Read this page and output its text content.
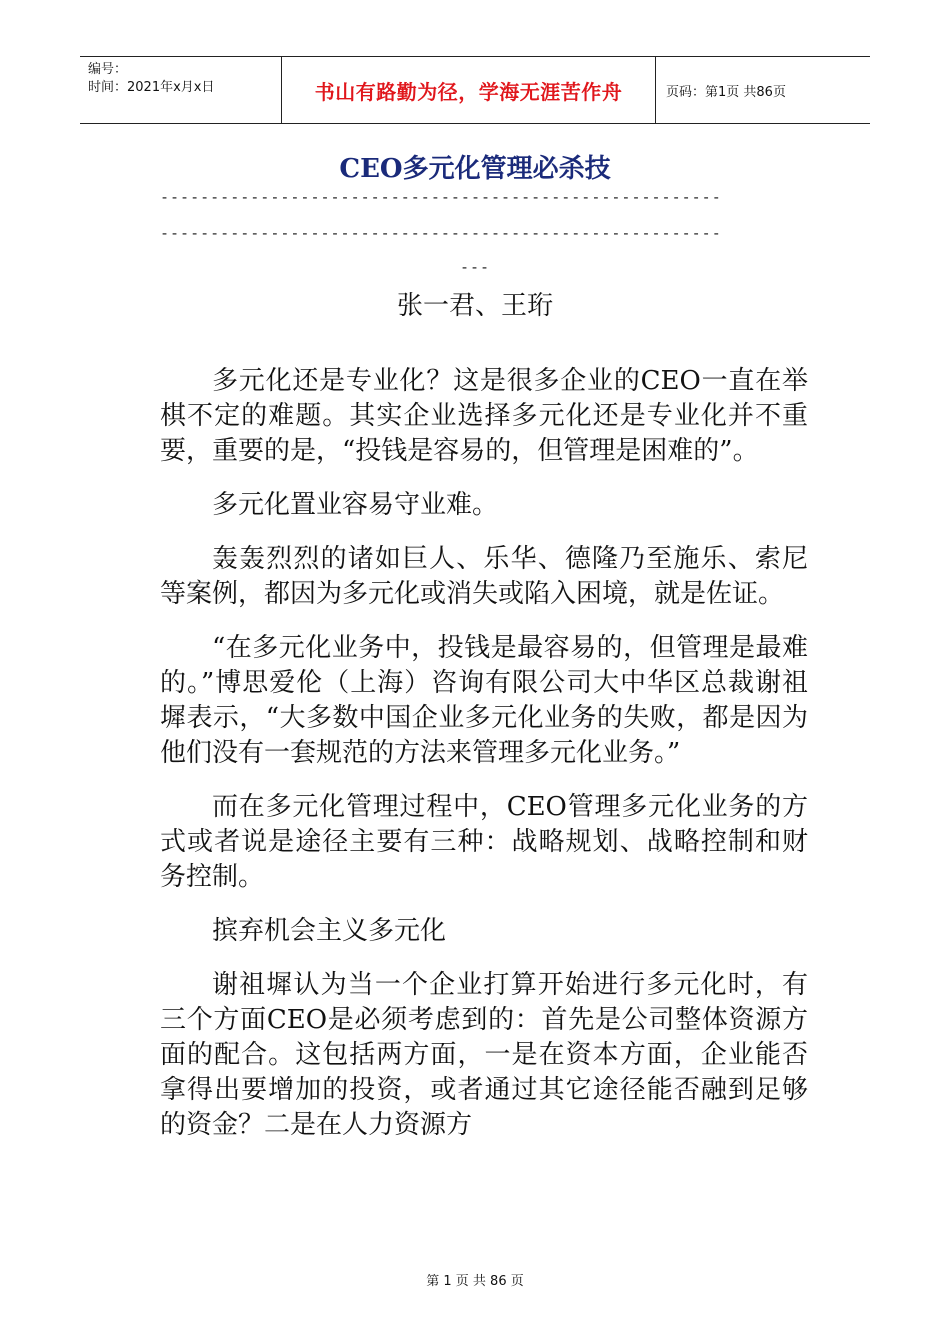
编号：
时间：2021年x月x日	书山有路勤为径，学海无涯苦作舟	页码：第1页 共86页
CEO多元化管理必杀技
--------------------------------------------------------
--------------------------------------------------------
---
张一君、王珩

多元化还是专业化？这是很多企业的CEO一直在举棋不定的难题。其实企业选择多元化还是专业化并不重要，重要的是，“投钱是容易的，但管理是困难的”。

多元化置业容易守业难。

轰轰烈烈的诸如巨人、乐华、德隆乃至施乐、索尼等案例，都因为多元化或消失或陷入困境，就是佐证。

“在多元化业务中，投钱是最容易的，但管理是最难的。”博思爱伦（上海）咨询有限公司大中华区总裁谢祖墀表示，“大多数中国企业多元化业务的失败，都是因为他们没有一套规范的方法来管理多元化业务。”

而在多元化管理过程中，CEO管理多元化业务的方式或者说是途径主要有三种：战略规划、战略控制和财务控制。

摈弃机会主义多元化

谢祖墀认为当一个企业打算开始进行多元化时，有三个方面CEO是必须考虑到的：首先是公司整体资源方面的配合。这包括两方面，一是在资本方面，企业能否拿得出要增加的投资，或者通过其它途径能否融到足够的资金？二是在人力资源方

第 1 页 共 86 页
